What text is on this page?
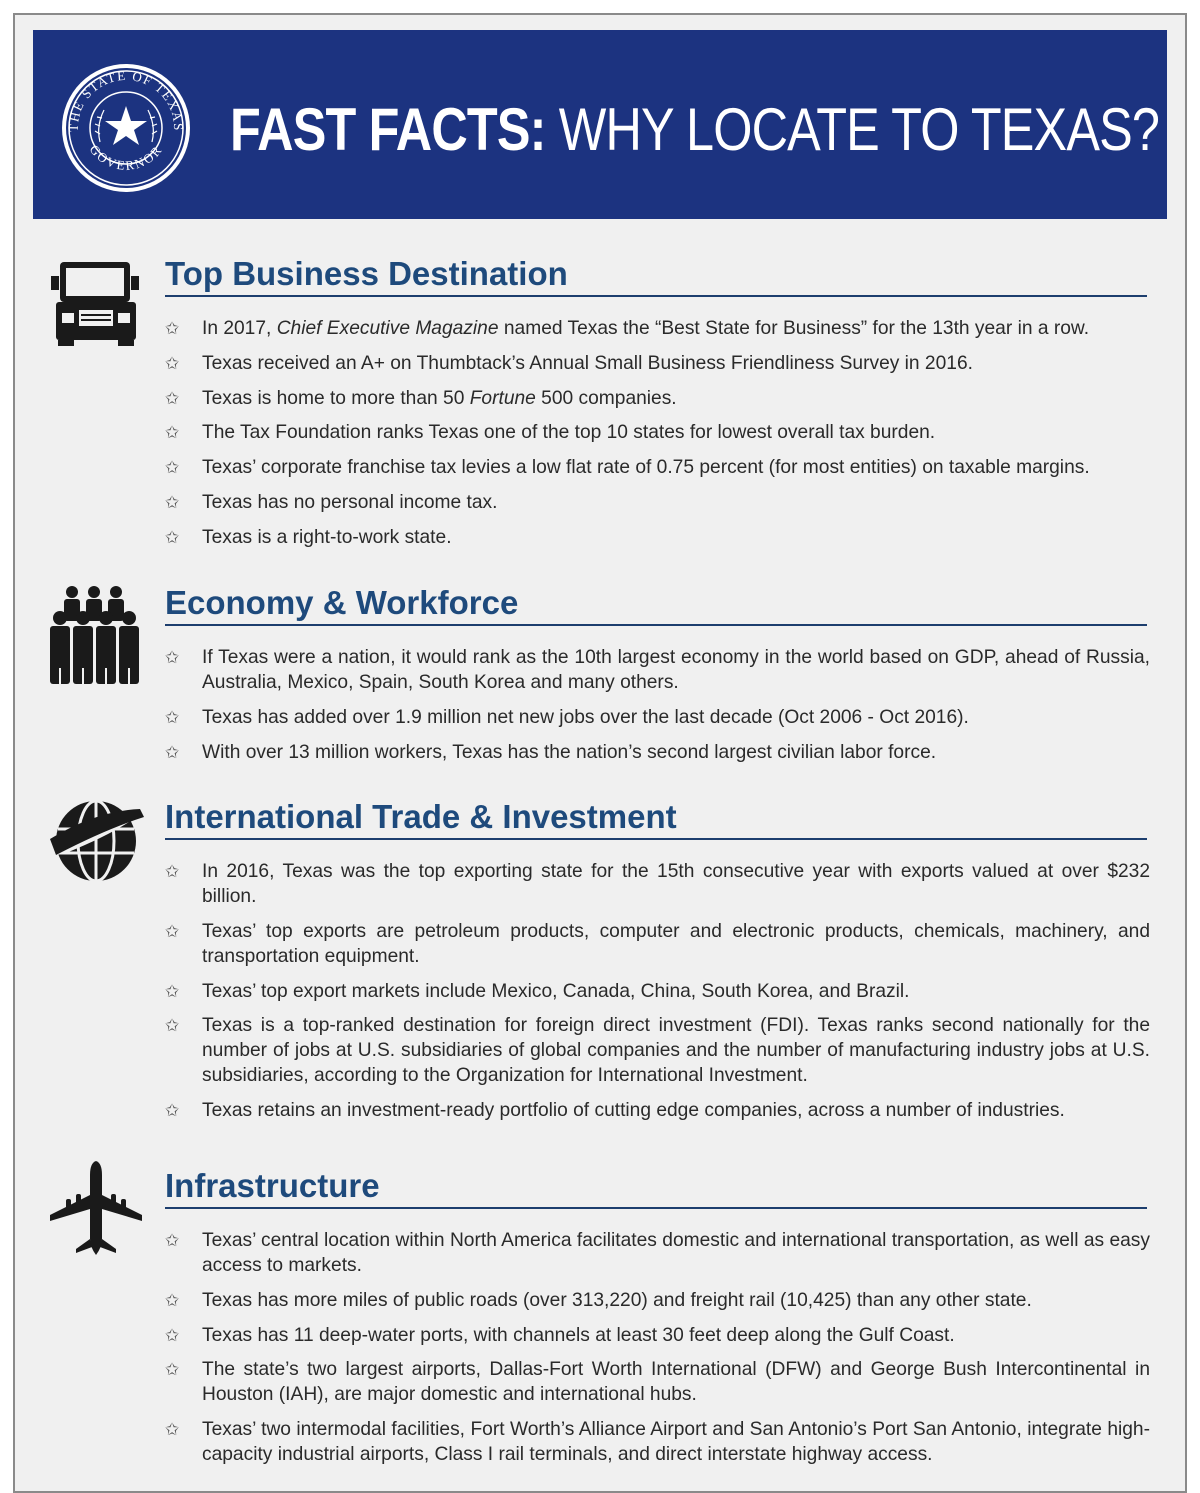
THE STATE OF TEXAS
GOVERNOR FAST FACTS: WHY LOCATE TO TEXAS?
Top Business Destination
✩ In 2017, Chief Executive Magazine named Texas the “Best State for Business” for the 13th year in a row.
✩ Texas received an A+ on Thumbtack’s Annual Small Business Friendliness Survey in 2016.
✩ Texas is home to more than 50 Fortune 500 companies.
✩ The Tax Foundation ranks Texas one of the top 10 states for lowest overall tax burden.
✩ Texas’ corporate franchise tax levies a low flat rate of 0.75 percent (for most entities) on taxable margins.
✩ Texas has no personal income tax.
✩ Texas is a right-to-work state.
Economy & Workforce
✩ If Texas were a nation, it would rank as the 10th largest economy in the world based on GDP, ahead of Russia, Australia, Mexico, Spain, South Korea and many others.
✩ Texas has added over 1.9 million net new jobs over the last decade (Oct 2006 - Oct 2016).
✩ With over 13 million workers, Texas has the nation’s second largest civilian labor force.
International Trade & Investment
✩ In 2016, Texas was the top exporting state for the 15th consecutive year with exports valued at over $232 billion.
✩ Texas’ top exports are petroleum products, computer and electronic products, chemicals, machinery, and transportation equipment.
✩ Texas’ top export markets include Mexico, Canada, China, South Korea, and Brazil.
✩ Texas is a top-ranked destination for foreign direct investment (FDI). Texas ranks second nationally for the number of jobs at U.S. subsidiaries of global companies and the number of manufacturing industry jobs at U.S. subsidiaries, according to the Organization for International Investment.
✩ Texas retains an investment-ready portfolio of cutting edge companies, across a number of industries.
Infrastructure
✩ Texas’ central location within North America facilitates domestic and international transportation, as well as easy access to markets.
✩ Texas has more miles of public roads (over 313,220) and freight rail (10,425) than any other state.
✩ Texas has 11 deep-water ports, with channels at least 30 feet deep along the Gulf Coast.
✩ The state’s two largest airports, Dallas-Fort Worth International (DFW) and George Bush Intercontinental in Houston (IAH), are major domestic and international hubs.
✩ Texas’ two intermodal facilities, Fort Worth’s Alliance Airport and San Antonio’s Port San Antonio, integrate high-capacity industrial airports, Class I rail terminals, and direct interstate highway access.
